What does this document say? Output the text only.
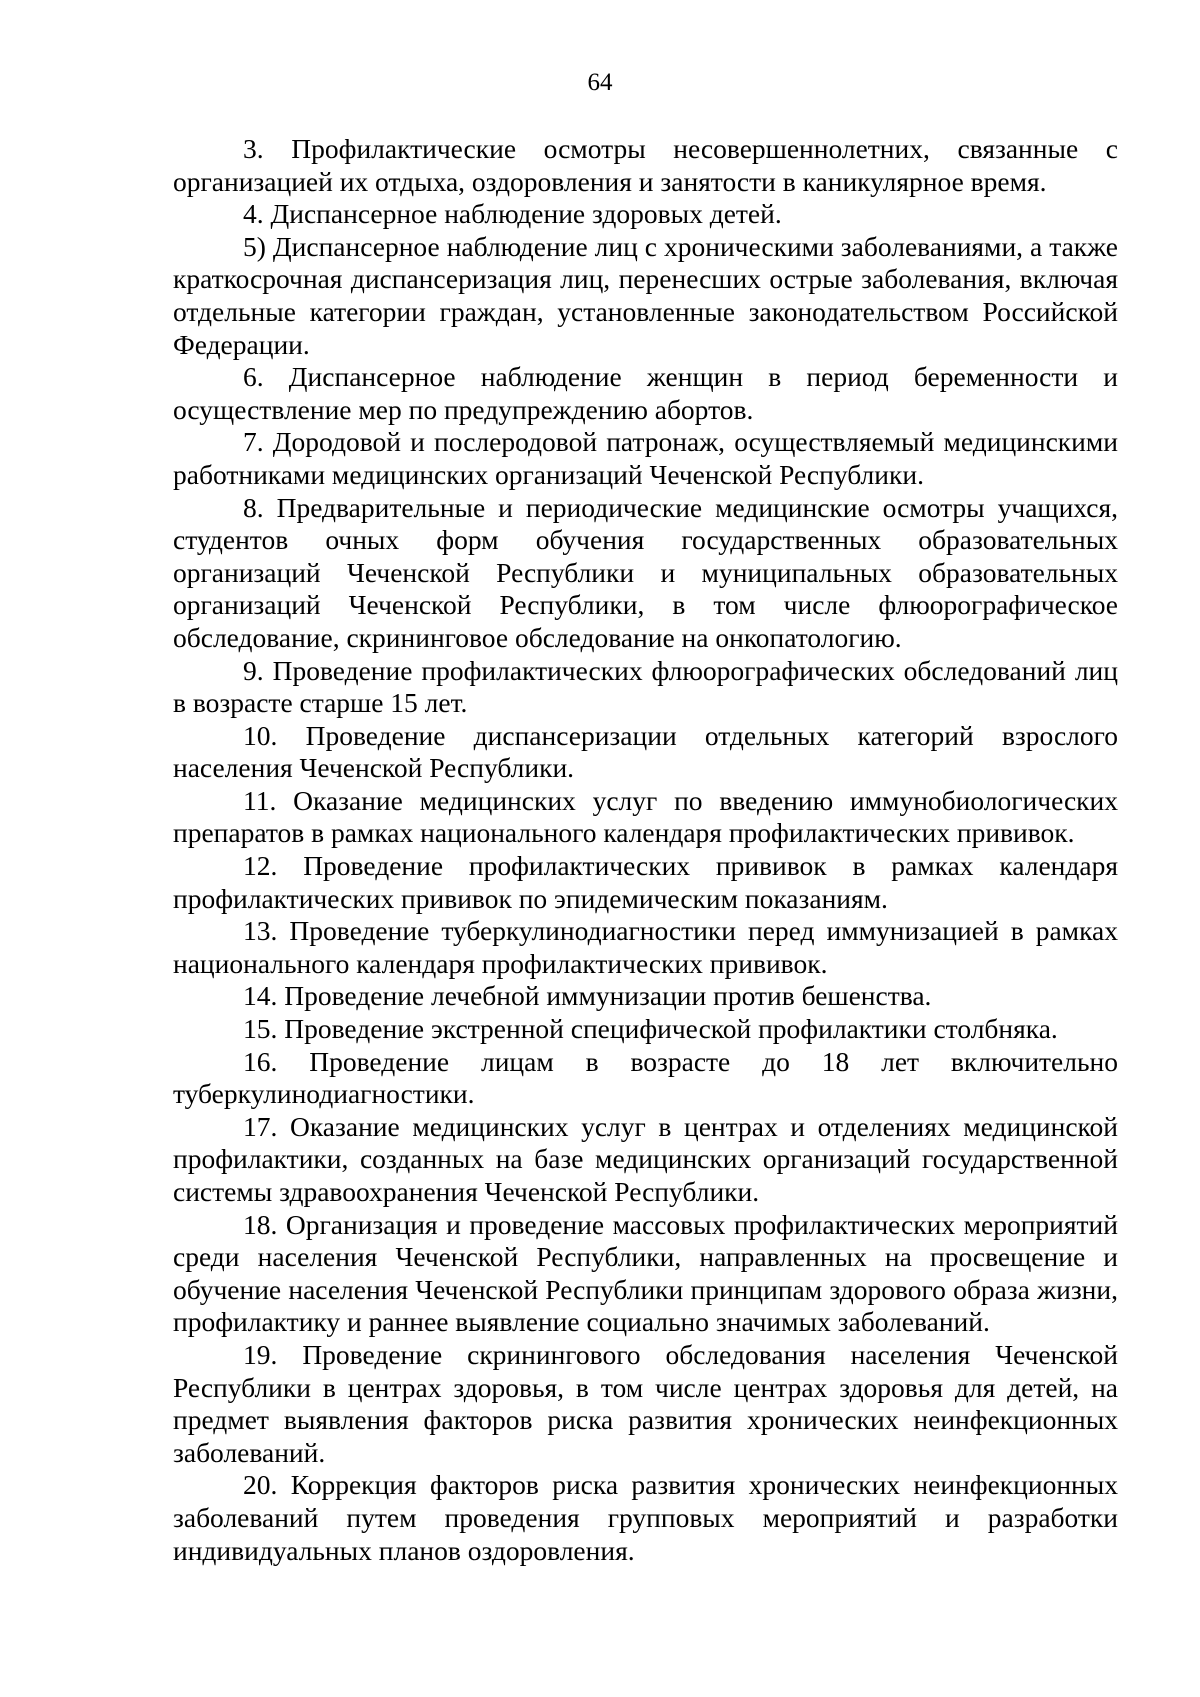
64

3. Профилактические осмотры несовершеннолетних, связанные с организацией их отдыха, оздоровления и занятости в каникулярное время.

4. Диспансерное наблюдение здоровых детей.

5) Диспансерное наблюдение лиц с хроническими заболеваниями, а также краткосрочная диспансеризация лиц, перенесших острые заболевания, включая отдельные категории граждан, установленные законодательством Российской Федерации.

6. Диспансерное наблюдение женщин в период беременности и осуществление мер по предупреждению абортов.

7. Дородовой и послеродовой патронаж, осуществляемый медицинскими работниками медицинских организаций Чеченской Республики.

8. Предварительные и периодические медицинские осмотры учащихся, студентов очных форм обучения государственных образовательных организаций Чеченской Республики и муниципальных образовательных организаций Чеченской Республики, в том числе флюорографическое обследование, скрининговое обследование на онкопатологию.

9. Проведение профилактических флюорографических обследований лиц в возрасте старше 15 лет.

10. Проведение диспансеризации отдельных категорий взрослого населения Чеченской Республики.

11. Оказание медицинских услуг по введению иммунобиологических препаратов в рамках национального календаря профилактических прививок.

12. Проведение профилактических прививок в рамках календаря профилактических прививок по эпидемическим показаниям.

13. Проведение туберкулинодиагностики перед иммунизацией в рамках национального календаря профилактических прививок.

14. Проведение лечебной иммунизации против бешенства.

15. Проведение экстренной специфической профилактики столбняка.

16. Проведение лицам в возрасте до 18 лет включительно туберкулинодиагностики.

17. Оказание медицинских услуг в центрах и отделениях медицинской профилактики, созданных на базе медицинских организаций государственной системы здравоохранения Чеченской Республики.

18. Организация и проведение массовых профилактических мероприятий среди населения Чеченской Республики, направленных на просвещение и обучение населения Чеченской Республики принципам здорового образа жизни, профилактику и раннее выявление социально значимых заболеваний.

19. Проведение скринингового обследования населения Чеченской Республики в центрах здоровья, в том числе центрах здоровья для детей, на предмет выявления факторов риска развития хронических неинфекционных заболеваний.

20. Коррекция факторов риска развития хронических неинфекционных заболеваний путем проведения групповых мероприятий и разработки индивидуальных планов оздоровления.
